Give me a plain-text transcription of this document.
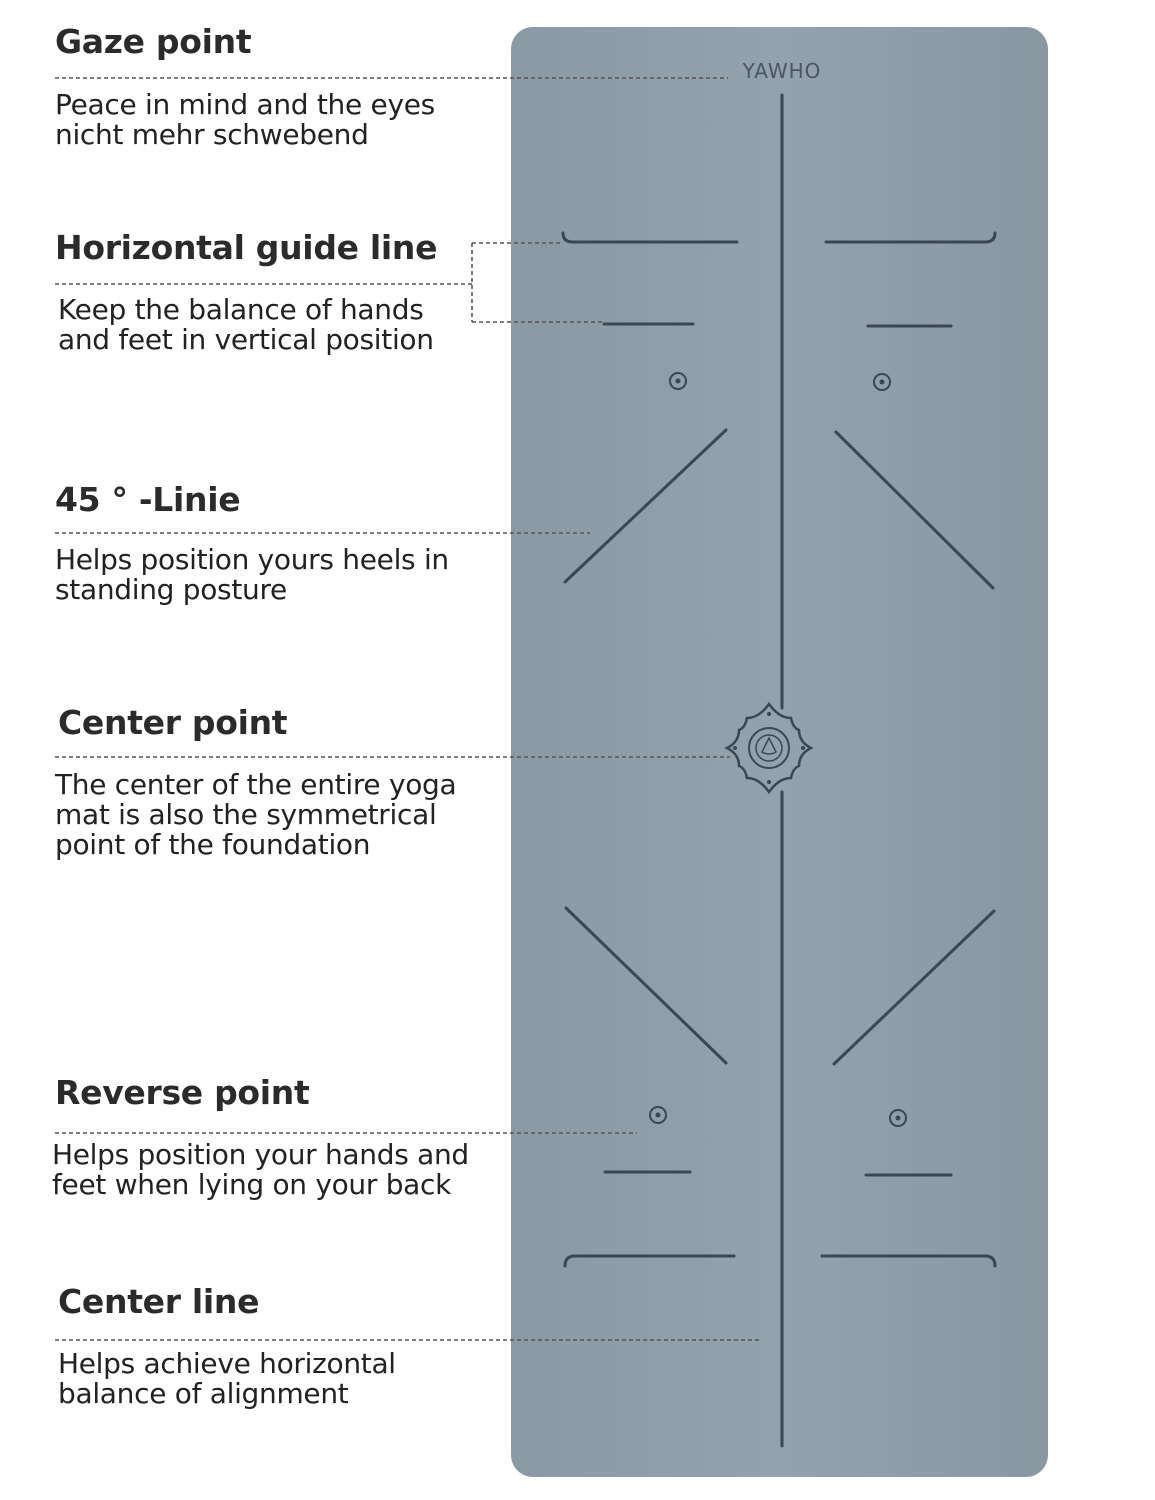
YAWHO
Gaze point
Peace in mind and the eyes
nicht mehr schwebend
Horizontal guide line
Keep the balance of hands
and feet in vertical position
45 ° -Linie
Helps position yours heels in
standing posture
Center point
The center of the entire yoga
mat is also the symmetrical
point of the foundation
Reverse point
Helps position your hands and
feet when lying on your back
Center line
Helps achieve horizontal
balance of alignment
